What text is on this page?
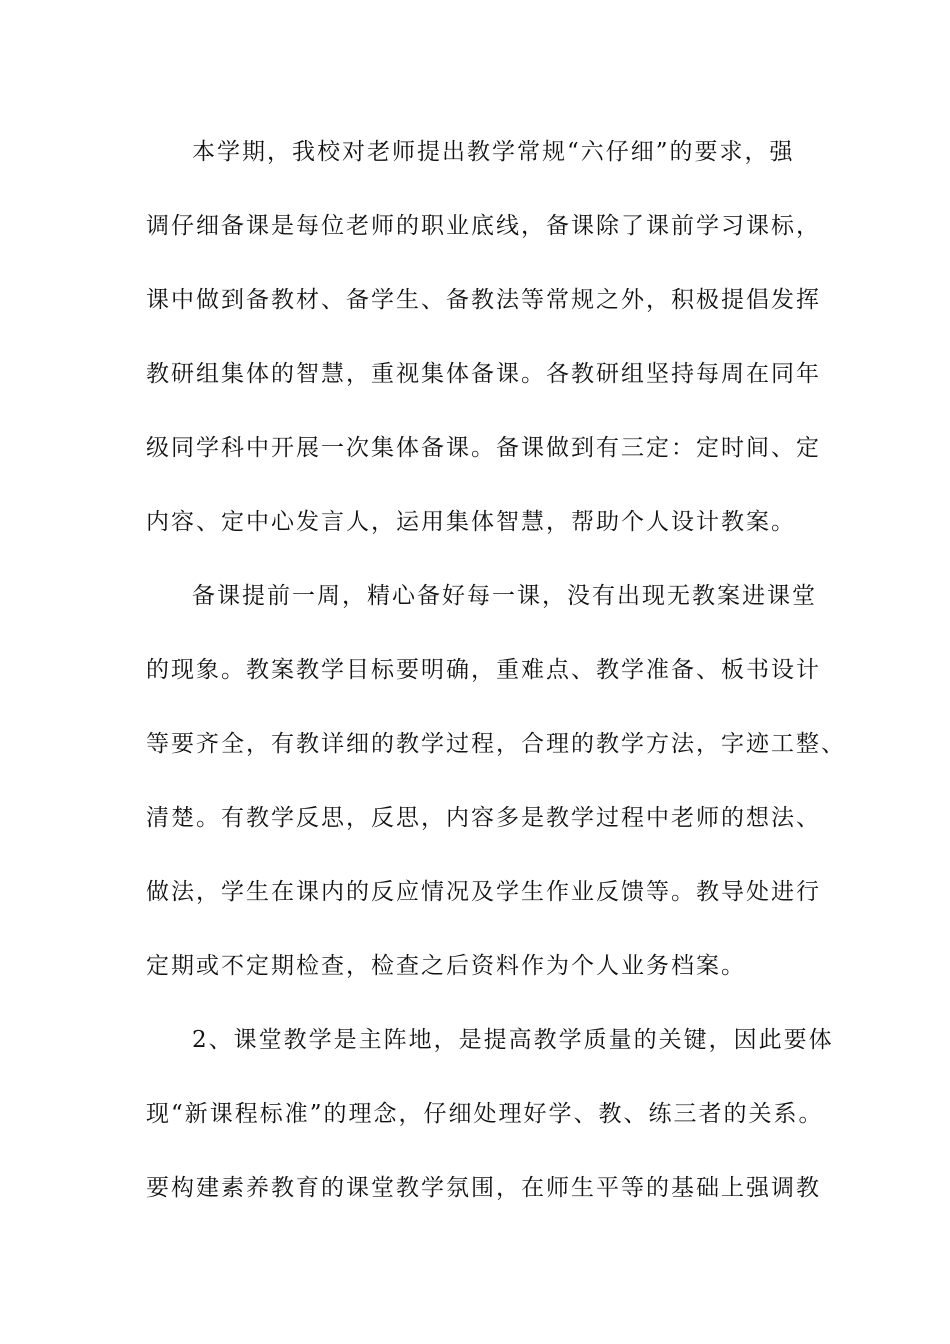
本学期，我校对老师提出教学常规“六仔细”的要求，强
调仔细备课是每位老师的职业底线，备课除了课前学习课标，
课中做到备教材、备学生、备教法等常规之外，积极提倡发挥
教研组集体的智慧，重视集体备课。各教研组坚持每周在同年
级同学科中开展一次集体备课。备课做到有三定：定时间、定
内容、定中心发言人，运用集体智慧，帮助个人设计教案。
备课提前一周，精心备好每一课，没有出现无教案进课堂
的现象。教案教学目标要明确，重难点、教学准备、板书设计
等要齐全，有教详细的教学过程，合理的教学方法，字迹工整、
清楚。有教学反思，反思，内容多是教学过程中老师的想法、
做法，学生在课内的反应情况及学生作业反馈等。教导处进行
定期或不定期检查，检查之后资料作为个人业务档案。
2、课堂教学是主阵地，是提高教学质量的关键，因此要体
现“新课程标准”的理念，仔细处理好学、教、练三者的关系。
要构建素养教育的课堂教学氛围，在师生平等的基础上强调教
